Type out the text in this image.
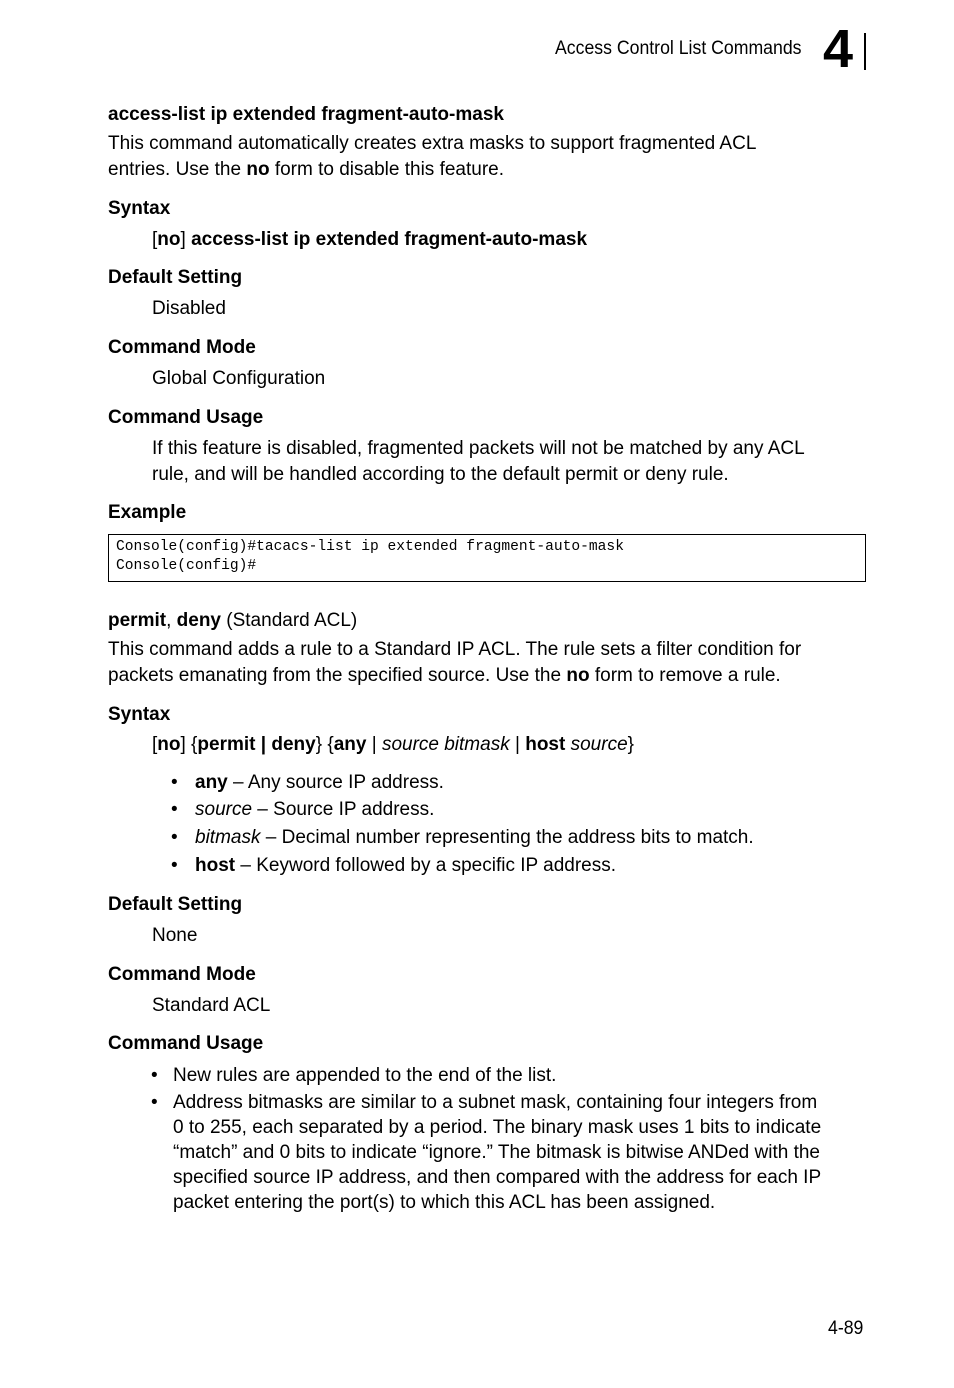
Access Control List Commands 4
access-list ip extended fragment-auto-mask
This command automatically creates extra masks to support fragmented ACL
entries. Use the no form to disable this feature.
Syntax
[no] access-list ip extended fragment-auto-mask
Default Setting
Disabled
Command Mode
Global Configuration
Command Usage
If this feature is disabled, fragmented packets will not be matched by any ACL
rule, and will be handled according to the default permit or deny rule.
Example
Console(config)#tacacs-list ip extended fragment-auto-mask
Console(config)#
permit, deny (Standard ACL)
This command adds a rule to a Standard IP ACL. The rule sets a filter condition for
packets emanating from the specified source. Use the no form to remove a rule.
Syntax
[no] {permit | deny} {any | source bitmask | host source}
• any – Any source IP address.
• source – Source IP address.
• bitmask – Decimal number representing the address bits to match.
• host – Keyword followed by a specific IP address.
Default Setting
None
Command Mode
Standard ACL
Command Usage
• New rules are appended to the end of the list.
• Address bitmasks are similar to a subnet mask, containing four integers from
0 to 255, each separated by a period. The binary mask uses 1 bits to indicate
“match” and 0 bits to indicate “ignore.” The bitmask is bitwise ANDed with the
specified source IP address, and then compared with the address for each IP
packet entering the port(s) to which this ACL has been assigned.
4-89
